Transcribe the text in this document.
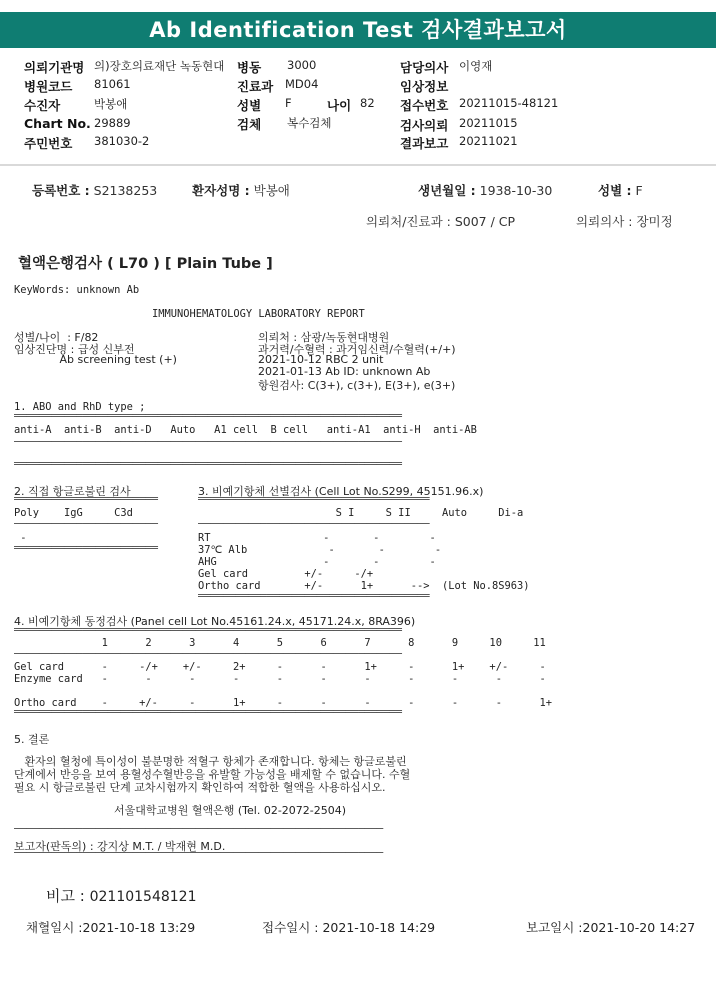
Ab Identification Test 검사결과보고서
의뢰기관명 의)장호의료재단 녹동현대 병동 3000	담당의사 이영재
병원코드 81061	진료과 MD04	임상정보
수진자	박봉애	성별 F	나이 82 접수번호 20211015-48121
Chart No. 29889	검체 복수검체	검사의뢰 20211015
주민번호 381030-2	결과보고 20211021
등록번호 : S2138253	환자성명 : 박봉애	생년월일 : 1938-10-30	성별 : F
의뢰처/진료과 : S007 / CP	의뢰의사 : 장미정
혈액은행검사 ( L70 ) [ Plain Tube ]
KeyWords: unknown Ab
IMMUNOHEMATOLOGY LABORATORY REPORT
성별/나이  : F/82
임상진단명 : 급성 신부전
Ab screening test (+)
의뢰처 : 삼광/녹동현대병원
과거력/수혈력 : 과거임신력/수혈력(+/+)
2021-10-12 RBC 2 unit
2021-01-13 Ab ID: unknown Ab
항원검사: C(3+), c(3+), E(3+), e(3+)
1. ABO and RhD type ;
anti-A  anti-B  anti-D   Auto   A1 cell  B cell   anti-A1  anti-H  anti-AB
2. 직접 항글로불린 검사
Poly    IgG     C3d
-
3. 비예기항체 선별검사 (Cell Lot No.S299, 45151.96.x)
S I     S II     Auto     Di-a
RT                  -       -        -
37℃ Alb             -       -        -
AHG                 -       -        -
Gel card         +/-     -/+
Ortho card       +/-      1+      -->  (Lot No.8S963)
4. 비예기항체 동정검사 (Panel cell Lot No.45161.24.x, 45171.24.x, 8RA396)
1      2      3      4      5      6      7      8      9     10     11
Gel card      -     -/+    +/-     2+     -      -      1+     -      1+    +/-     -
Enzyme card   -      -      -      -      -      -      -      -      -      -      -
Ortho card    -     +/-     -      1+     -      -      -      -      -      -      1+
5. 결론
환자의 혈청에 특이성이 불분명한 적혈구 항체가 존재합니다. 항체는 항글로불린
단계에서 반응을 보여 용혈성수혈반응을 유발할 가능성을 배제할 수 없습니다. 수혈
필요 시 항글로불린 단계 교차시험까지 확인하여 적합한 혈액을 사용하십시오.
서울대학교병원 혈액은행 (Tel. 02-2072-2504)
보고자(판독의) : 강지상 M.T. / 박재현 M.D.
비고 : 021101548121
채혈일시 :2021-10-18 13:29	접수일시 : 2021-10-18 14:29	보고일시 :2021-10-20 14:27
